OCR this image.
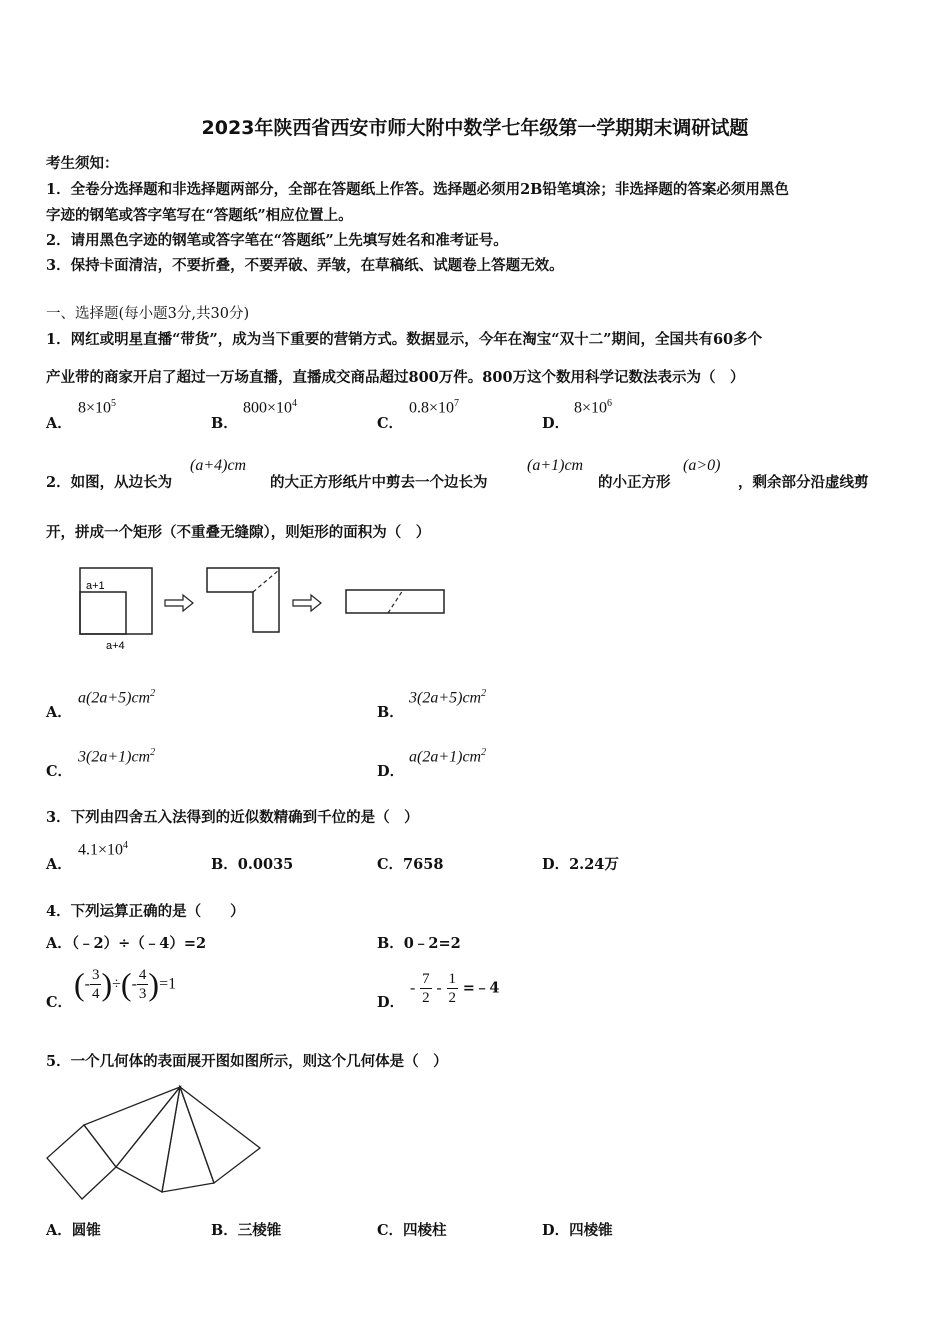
2023年陕西省西安市师大附中数学七年级第一学期期末调研试题
考生须知：
1．全卷分选择题和非选择题两部分，全部在答题纸上作答。选择题必须用2B铅笔填涂；非选择题的答案必须用黑色
字迹的钢笔或答字笔写在“答题纸”相应位置上。
2．请用黑色字迹的钢笔或答字笔在“答题纸”上先填写姓名和准考证号。
3．保持卡面清洁，不要折叠，不要弄破、弄皱，在草稿纸、试题卷上答题无效。
一、选择题(每小题3分,共30分)
1．网红或明星直播“带货”，成为当下重要的营销方式。数据显示，今年在淘宝“双十二”期间，全国共有60多个
产业带的商家开启了超过一万场直播，直播成交商品超过800万件。800万这个数用科学记数法表示为（　）
A．
$8\times 10^5$
B．
$800\times 10^4$
C．
$0.8\times 10^7$
D．
$8\times 10^6$
2．如图，从边长为
(a+4)cm
的大正方形纸片中剪去一个边长为
(a+1)cm
的小正方形
(a>0)
，剩余部分沿虚线剪
开，拼成一个矩形（不重叠无缝隙），则矩形的面积为（　）
a+1
a+4
A．
$a(2a+5)cm^2$
B．
$3(2a+5)cm^2$
C．
$3(2a+1)cm^2$
D．
$a(2a+1)cm^2$
3．下列由四舍五入法得到的近似数精确到千位的是（　）
A．
$4.1\times 10^4$
B．0.0035	C．7658	D．2.24万
4．下列运算正确的是（　　）
A．（﹣2）÷（﹣4）=2	B．0﹣2=2
C．
(- $\frac{3}{4}$ )÷(- $\frac{4}{3} )=1$
D．
- $\frac{7}{2} - \frac{1}{2}$ =﹣4
5．一个几何体的表面展开图如图所示，则这个几何体是（　）
A．圆锥	B．三棱锥	C．四棱柱	D．四棱锥
